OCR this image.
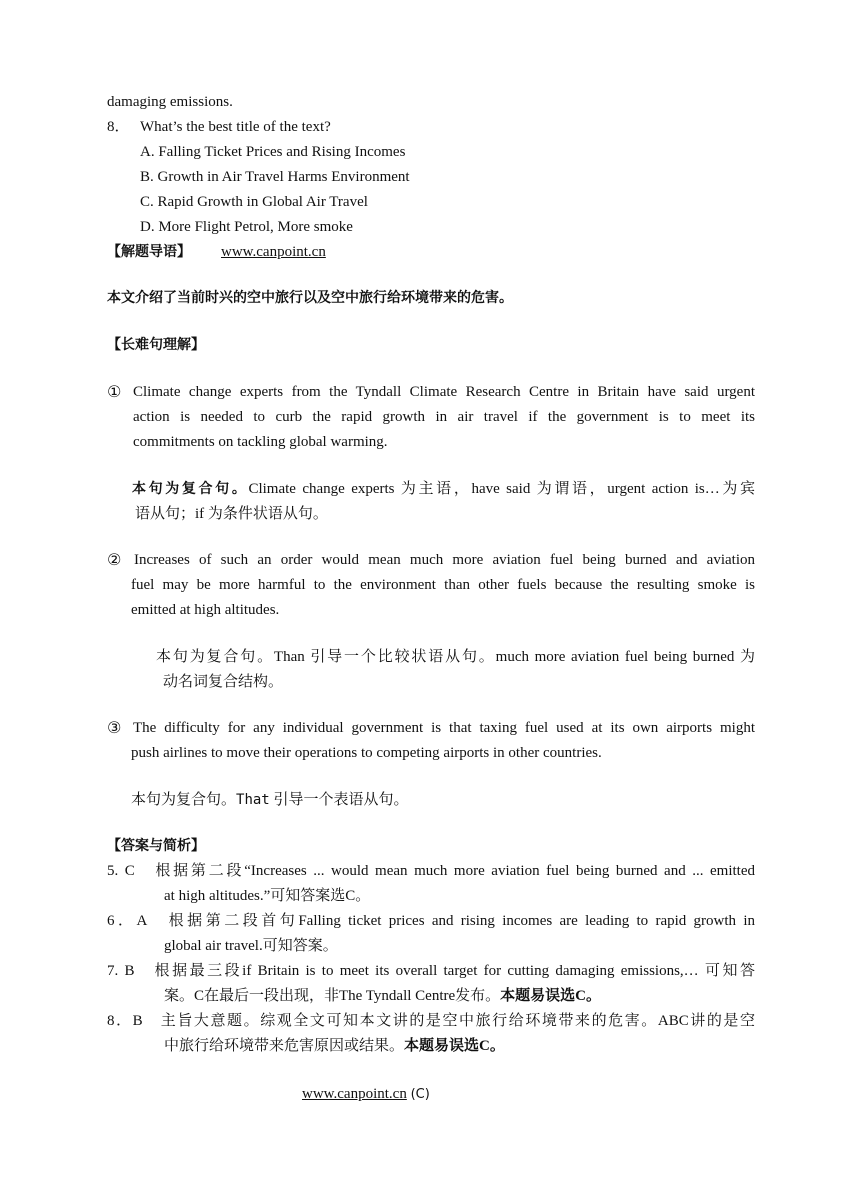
damaging emissions.
8． What’s the best title of the text?
A. Falling Ticket Prices and Rising Incomes
B. Growth in Air Travel Harms Environment
C. Rapid Growth in Global Air Travel
D. More Flight Petrol, More smoke
【解题导语】 www.canpoint.cn
本文介绍了当前时兴的空中旅行以及空中旅行给环境带来的危害。
【长难句理解】
① Climate change experts from the Tyndall Climate Research Centre in Britain have said urgent
action is needed to curb the rapid growth in air travel if the government is to meet its
commitments on tackling global warming.
本句为复合句。Climate change experts 为主语，have said 为谓语，urgent action is…为宾
语从句；if 为条件状语从句。
② Increases of such an order would mean much more aviation fuel being burned and aviation
fuel may be more harmful to the environment than other fuels because the resulting smoke is
emitted at high altitudes.
本句为复合句。Than 引导一个比较状语从句。much more aviation fuel being burned 为
动名词复合结构。
③ The difficulty for any individual government is that taxing fuel used at its own airports might
push airlines to move their operations to competing airports in other countries.
本句为复合句。That 引导一个表语从句。
【答案与简析】
5. C　根据第二段“Increases ... would mean much more aviation fuel being burned and ... emitted
at high altitudes.”可知答案选C。
6．A　根据第二段首句Falling ticket prices and rising incomes are leading to rapid growth in
global air travel.可知答案。
7. B　根据最三段if Britain is to meet its overall target for cutting damaging emissions,… 可知答
案。C在最后一段出现，非The Tyndall Centre发布。本题易误选C。
8．B　主旨大意题。综观全文可知本文讲的是空中旅行给环境带来的危害。ABC讲的是空
中旅行给环境带来危害原因或结果。本题易误选C。
www.canpoint.cn (C)
